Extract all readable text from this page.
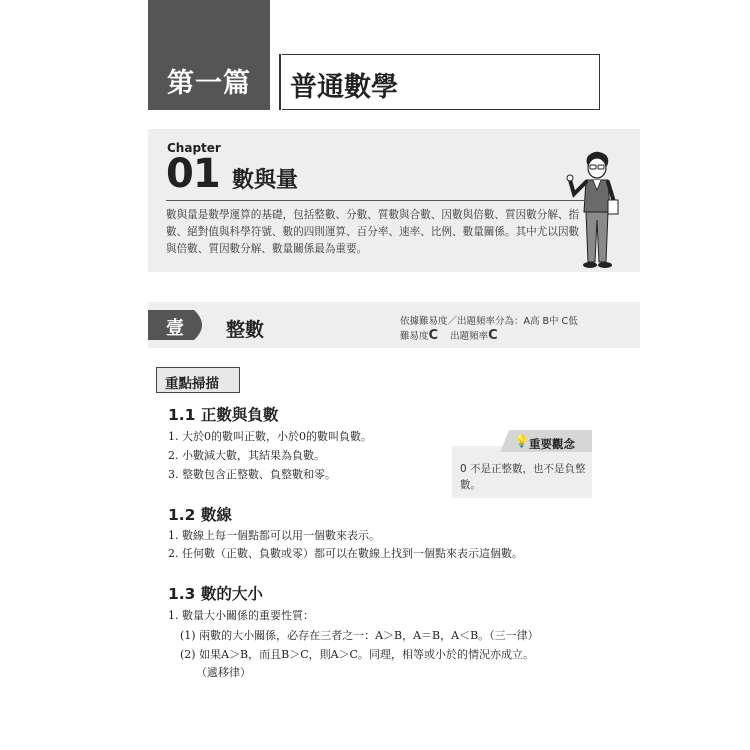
第一篇	普通數學
Chapter
01 數與量
數與量是數學運算的基礎，包括整數、分數、質數與合數、因數與倍數、質因數分解、指數、絕對值與科學符號、數的四則運算、百分率、速率、比例、數量關係。其中尤以因數與倍數、質因數分解、數量關係最為重要。
壹 整數	依據難易度／出題頻率分為：A高 B中 C低
難易度C 出題頻率C
重點掃描
1.1 正數與負數
1. 大於0的數叫正數，小於0的數叫負數。
2. 小數減大數，其結果為負數。
3. 整數包含正整數、負整數和零。
💡 重要觀念
0 不是正整數，也不是負整數。
1.2 數線
1. 數線上每一個點都可以用一個數來表示。
2. 任何數（正數、負數或零）都可以在數線上找到一個點來表示這個數。
1.3 數的大小
1. 數量大小關係的重要性質：
(1) 兩數的大小關係，必存在三者之一：A＞B，A＝B，A＜B。（三一律）
(2) 如果A＞B，而且B＞C，則A＞C。同理，相等或小於的情況亦成立。
（遞移律）
